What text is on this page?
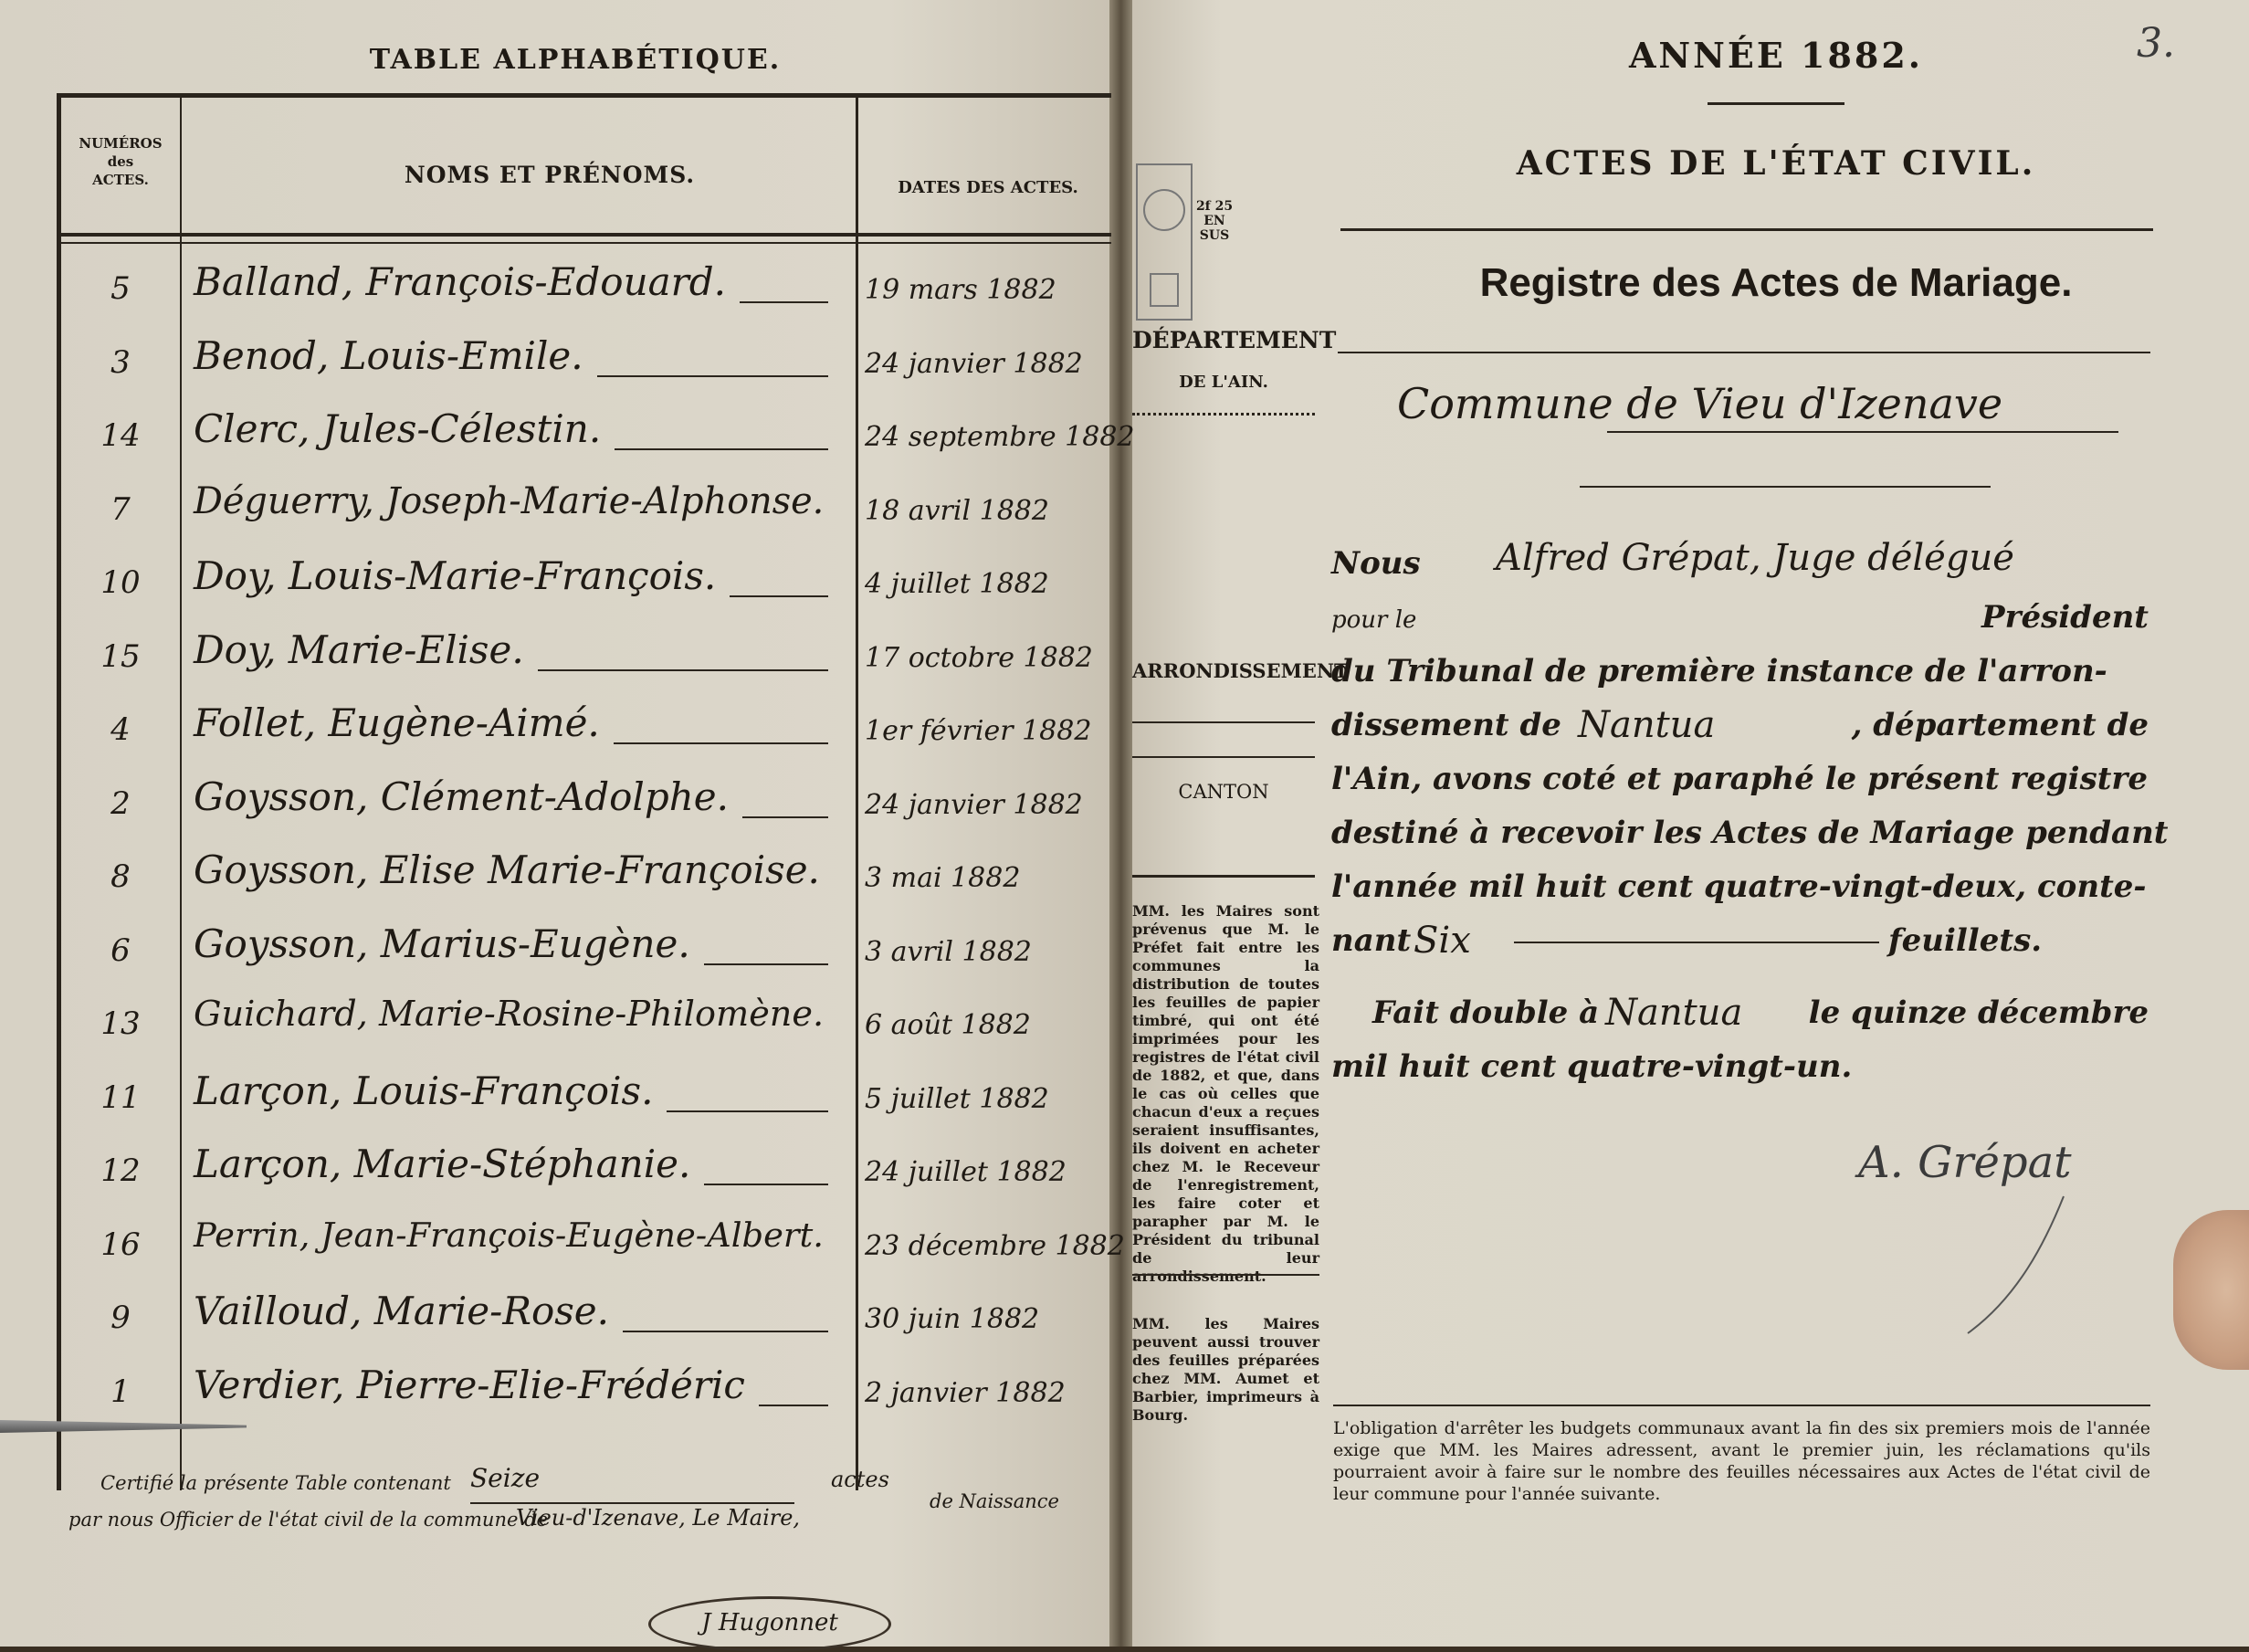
TABLE ALPHABÉTIQUE.
NUMÉROS
des
ACTES.	NOMS ET PRÉNOMS.	DATES DES ACTES.
5	Balland, François-Edouard.	19 mars 1882
3	Benod, Louis-Emile.	24 janvier 1882
14	Clerc, Jules-Célestin.	24 septembre 1882
7	Déguerry, Joseph-Marie-Alphonse. 18 avril 1882
10	Doy, Louis-Marie-François.	4 juillet 1882
15	Doy, Marie-Elise.	17 octobre 1882
4	Follet, Eugène-Aimé.	1er février 1882
2	Goysson, Clément-Adolphe.	24 janvier 1882
8	Goysson, Elise Marie-Françoise. 3 mai 1882
6	Goysson, Marius-Eugène.	3 avril 1882
13	Guichard, Marie-Rosine-Philomène. 6 août 1882
11	Larçon, Louis-François.	5 juillet 1882
12	Larçon, Marie-Stéphanie.	24 juillet 1882
16	Perrin, Jean-François-Eugène-Albert. 23 décembre 1882
9	Vailloud, Marie-Rose.	30 juin 1882
1	Verdier, Pierre-Elie-Frédéric	2 janvier 1882
Certifié la présente Table contenant Seize	actes
de Naissance
par nous Officier de l'état civil de la commune de
Vieu-d'Izenave, Le Maire,
J Hugonnet
3.
ANNÉE 1882.
ACTES DE L'ÉTAT CIVIL.
Registre des Actes de Mariage.
Commune de Vieu d'Izenave
2f 25 EN SUS
DÉPARTEMENT
DE L'AIN.
ARRONDISSEMENT
CANTON
MM. les Maires sont prévenus que M. le Préfet fait entre les communes la distribution de toutes les feuilles de papier timbré, qui ont été imprimées pour les registres de l'état civil de 1882, et que, dans le cas où celles que chacun d'eux a reçues seraient insuffisantes, ils doivent en acheter chez M. le Receveur de l'enregistrement, les faire coter et parapher par M. le Président du tribunal de leur arrondissement.
MM. les Maires peuvent aussi trouver des feuilles préparées chez MM. Aumet et Barbier, imprimeurs à Bourg.
Nous Alfred Grépat, Juge délégué
pour le	Président
du Tribunal de première instance de l'arron-
dissement de Nantua	, département de
l'Ain, avons coté et paraphé le présent registre
destiné à recevoir les Actes de Mariage pendant
l'année mil huit cent quatre-vingt-deux, conte-
nant Six	feuillets.
Fait double à Nantua le quinze décembre
mil huit cent quatre-vingt-un.
A. Grépat
L'obligation d'arrêter les budgets communaux avant la fin des six premiers mois de l'année exige que MM. les Maires adressent, avant le premier juin, les réclamations qu'ils pourraient avoir à faire sur le nombre des feuilles nécessaires aux Actes de l'état civil de leur commune pour l'année suivante.
